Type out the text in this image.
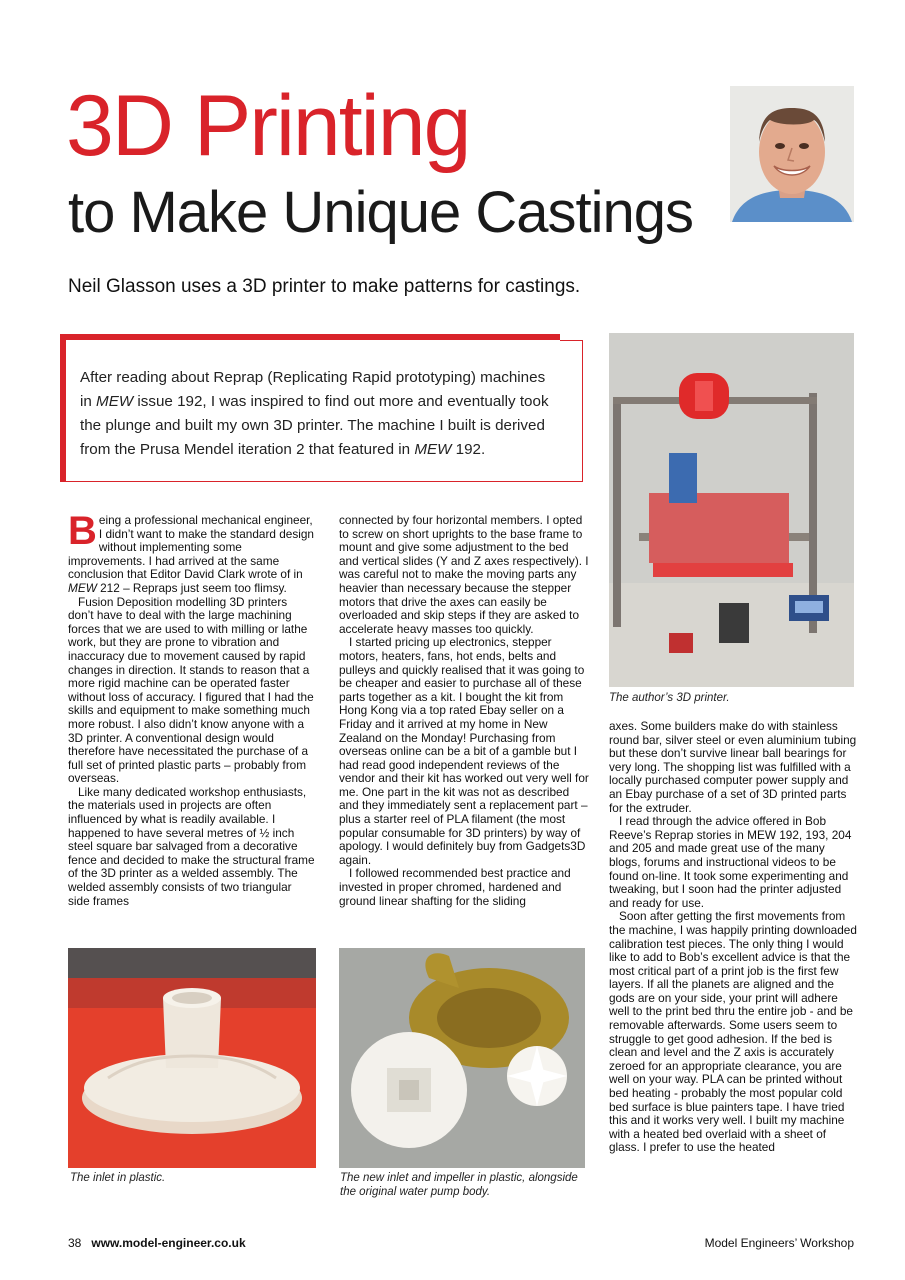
3D Printing
to Make Unique Castings
Neil Glasson uses a 3D printer to make patterns for castings.
After reading about Reprap (Replicating Rapid prototyping) machines in MEW issue 192, I was inspired to find out more and eventually took the plunge and built my own 3D printer. The machine I built is derived from the Prusa Mendel iteration 2 that featured in MEW 192.
The author’s 3D printer.

Being a professional mechanical engineer, I didn’t want to make the standard design without implementing some improvements. I had arrived at the same conclusion that Editor David Clark wrote of in MEW 212 – Repraps just seem too flimsy.

Fusion Deposition modelling 3D printers don’t have to deal with the large machining forces that we are used to with milling or lathe work, but they are prone to vibration and inaccuracy due to movement caused by rapid changes in direction. It stands to reason that a more rigid machine can be operated faster without loss of accuracy. I figured that I had the skills and equipment to make something much more robust. I also didn’t know anyone with a 3D printer. A conventional design would therefore have necessitated the purchase of a full set of printed plastic parts – probably from overseas.

Like many dedicated workshop enthusiasts, the materials used in projects are often influenced by what is readily available. I happened to have several metres of ½ inch steel square bar salvaged from a decorative fence and decided to make the structural frame of the 3D printer as a welded assembly. The welded assembly consists of two triangular side frames

connected by four horizontal members. I opted to screw on short uprights to the base frame to mount and give some adjustment to the bed and vertical slides (Y and Z axes respectively). I was careful not to make the moving parts any heavier than necessary because the stepper motors that drive the axes can easily be overloaded and skip steps if they are asked to accelerate heavy masses too quickly.

I started pricing up electronics, stepper motors, heaters, fans, hot ends, belts and pulleys and quickly realised that it was going to be cheaper and easier to purchase all of these parts together as a kit. I bought the kit from Hong Kong via a top rated Ebay seller on a Friday and it arrived at my home in New Zealand on the Monday! Purchasing from overseas online can be a bit of a gamble but I had read good independent reviews of the vendor and their kit has worked out very well for me. One part in the kit was not as described and they immediately sent a replacement part – plus a starter reel of PLA filament (the most popular consumable for 3D printers) by way of apology. I would definitely buy from Gadgets3D again.

I followed recommended best practice and invested in proper chromed, hardened and ground linear shafting for the sliding

axes. Some builders make do with stainless round bar, silver steel or even aluminium tubing but these don’t survive linear ball bearings for very long. The shopping list was fulfilled with a locally purchased computer power supply and an Ebay purchase of a set of 3D printed parts for the extruder.

I read through the advice offered in Bob Reeve’s Reprap stories in MEW 192, 193, 204 and 205 and made great use of the many blogs, forums and instructional videos to be found on-line. It took some experimenting and tweaking, but I soon had the printer adjusted and ready for use.

Soon after getting the first movements from the machine, I was happily printing downloaded calibration test pieces. The only thing I would like to add to Bob’s excellent advice is that the most critical part of a print job is the first few layers. If all the planets are aligned and the gods are on your side, your print will adhere well to the print bed thru the entire job - and be removable afterwards. Some users seem to struggle to get good adhesion. If the bed is clean and level and the Z axis is accurately zeroed for an appropriate clearance, you are well on your way. PLA can be printed without bed heating - probably the most popular cold bed surface is blue painters tape. I have tried this and it works very well. I built my machine with a heated bed overlaid with a sheet of glass. I prefer to use the heated

The inlet in plastic.	The new inlet and impeller in plastic, alongside the original water pump body.
38 www.model-engineer.co.uk	Model Engineers’ Workshop
